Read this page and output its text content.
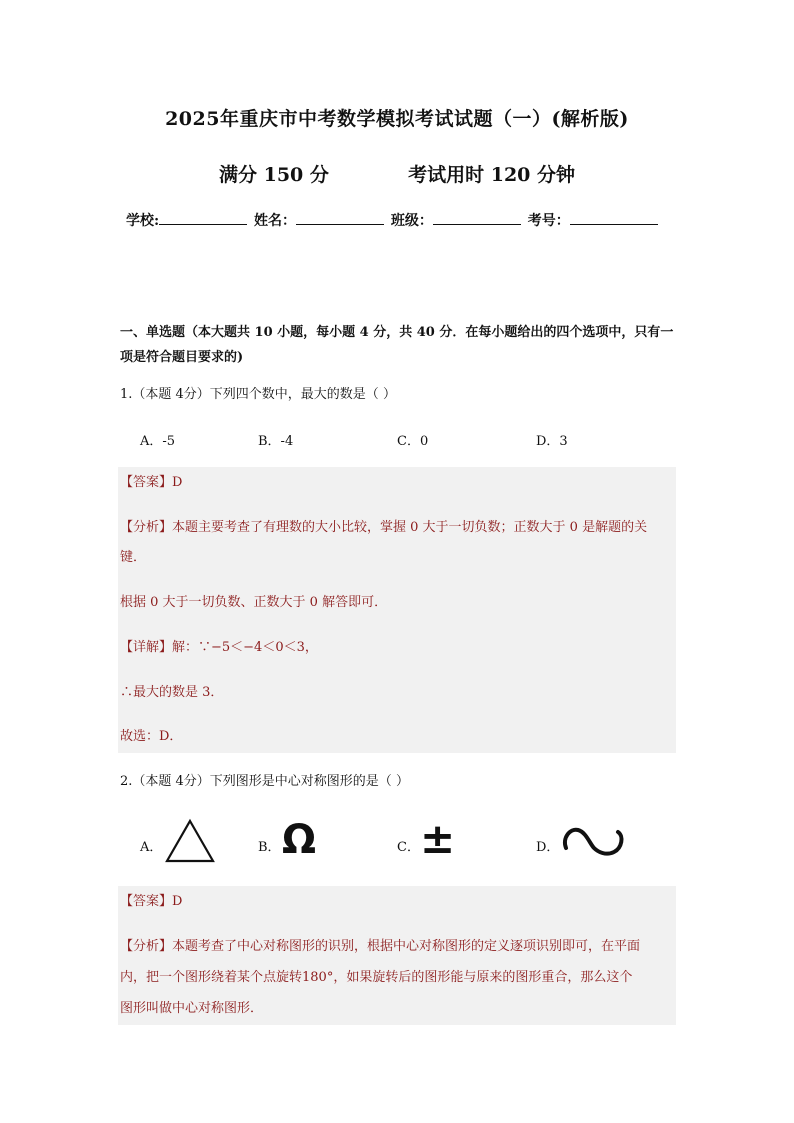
2025年重庆市中考数学模拟考试试题（一）(解析版)
满分 150 分	考试用时 120 分钟
学校:	姓名：	班级：	考号：
一、单选题（本大题共 10 小题，每小题 4 分，共 40 分．在每小题给出的四个选项中，只有一项是符合题目要求的)
1.（本题 4分）下列四个数中，最大的数是（ ）
A．-5	B．-4	C．0	D．3
【答案】D
【分析】本题主要考查了有理数的大小比较，掌握 0 大于一切负数；正数大于 0 是解题的关
键．
根据 0 大于一切负数、正数大于 0 解答即可．
【详解】解：∵−5＜−4＜0＜3，
∴最大的数是 3．
故选：D．
2.（本题 4分）下列图形是中心对称图形的是（ ）
A．	B． Ω	C． ±	D．
【答案】D
【分析】本题考查了中心对称图形的识别，根据中心对称图形的定义逐项识别即可，在平面
内，把一个图形绕着某个点旋转180°，如果旋转后的图形能与原来的图形重合，那么这个
图形叫做中心对称图形．
